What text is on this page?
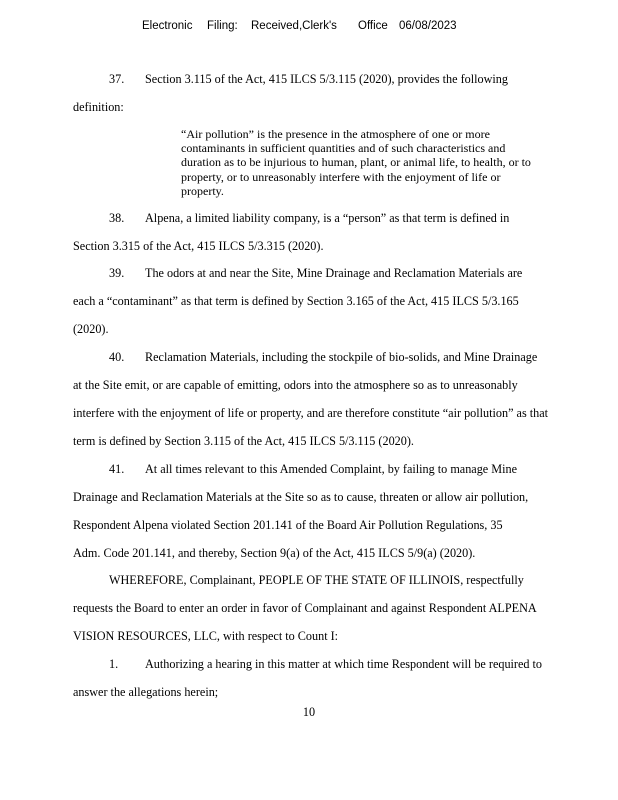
Electronic Filing: Received,Clerk's Office 06/08/2023
37. Section 3.115 of the Act, 415 ILCS 5/3.115 (2020), provides the following
definition:
“Air pollution” is the presence in the atmosphere of one or more
contaminants in sufficient quantities and of such characteristics and
duration as to be injurious to human, plant, or animal life, to health, or to
property, or to unreasonably interfere with the enjoyment of life or
property.
38. Alpena, a limited liability company, is a “person” as that term is defined in
Section 3.315 of the Act, 415 ILCS 5/3.315 (2020).
39. The odors at and near the Site, Mine Drainage and Reclamation Materials are
each a “contaminant” as that term is defined by Section 3.165 of the Act, 415 ILCS 5/3.165
(2020).
40. Reclamation Materials, including the stockpile of bio-solids, and Mine Drainage
at the Site emit, or are capable of emitting, odors into the atmosphere so as to unreasonably
interfere with the enjoyment of life or property, and are therefore constitute “air pollution” as that
term is defined by Section 3.115 of the Act, 415 ILCS 5/3.115 (2020).
41. At all times relevant to this Amended Complaint, by failing to manage Mine
Drainage and Reclamation Materials at the Site so as to cause, threaten or allow air pollution,
Respondent Alpena violated Section 201.141 of the Board Air Pollution Regulations, 35
Adm. Code 201.141, and thereby, Section 9(a) of the Act, 415 ILCS 5/9(a) (2020).
WHEREFORE, Complainant, PEOPLE OF THE STATE OF ILLINOIS, respectfully
requests the Board to enter an order in favor of Complainant and against Respondent ALPENA
VISION RESOURCES, LLC, with respect to Count I:
1. Authorizing a hearing in this matter at which time Respondent will be required to
answer the allegations herein;
10
